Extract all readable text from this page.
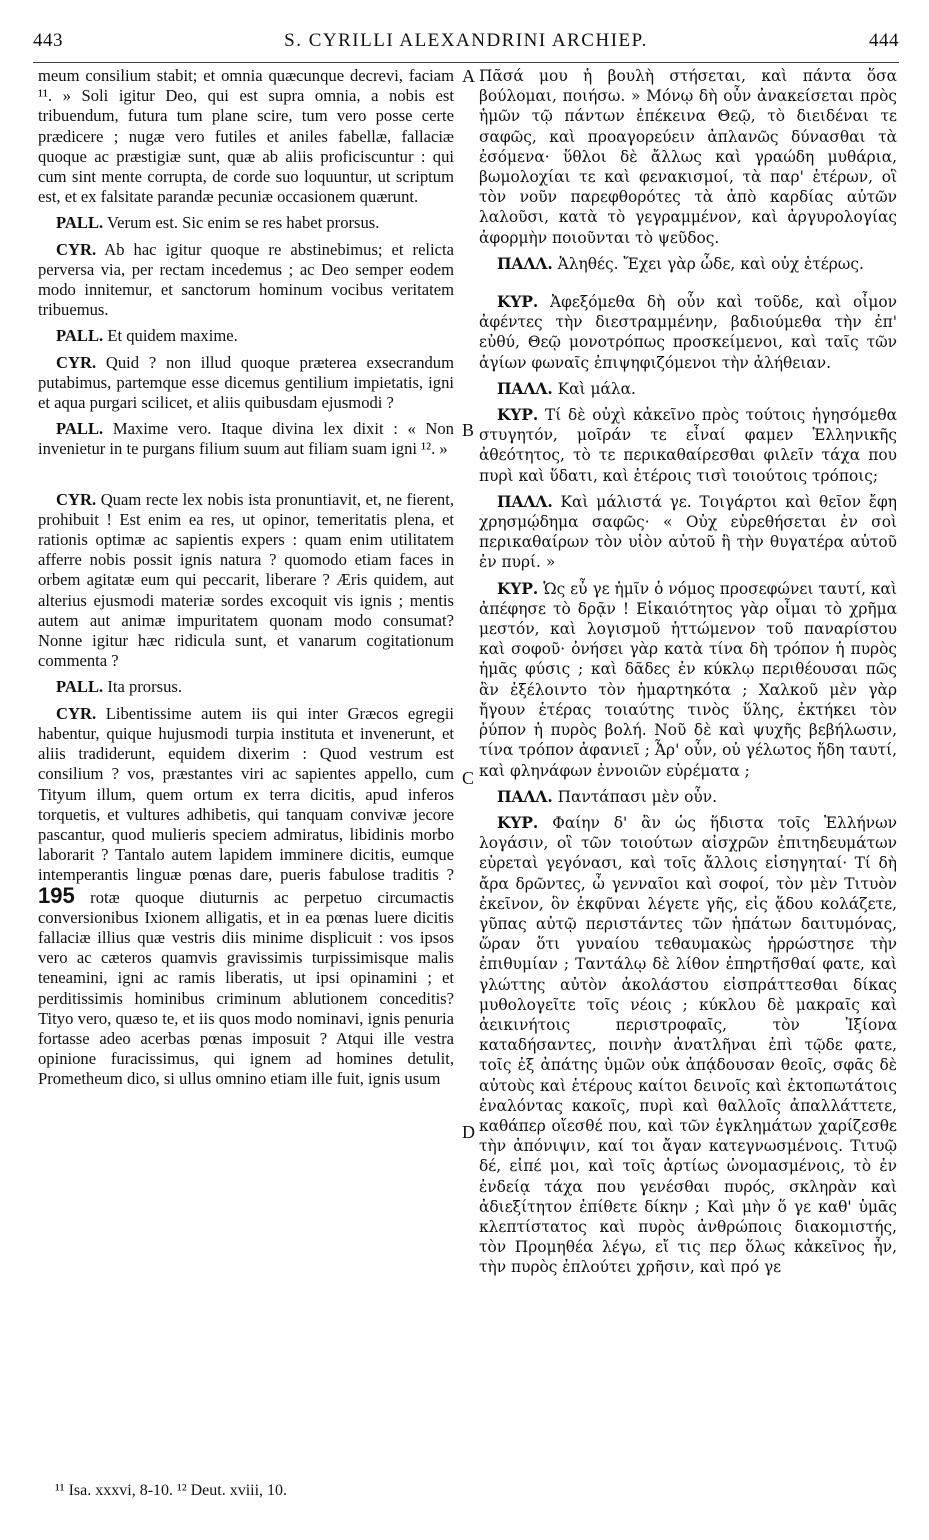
443	S. CYRILLI ALEXANDRINI ARCHIEP.	444
A
B
C
D

meum consilium stabit; et omnia quæcunque decrevi, faciam ¹¹. » Soli igitur Deo, qui est supra omnia, a nobis est tribuendum, futura tum plane scire, tum vero posse certe prædicere ; nugæ vero futiles et aniles fabellæ, fallaciæ quoque ac præstigiæ sunt, quæ ab aliis proficiscuntur : qui cum sint mente corrupta, de corde suo loquuntur, ut scriptum est, et ex falsitate parandæ pecuniæ occasionem quærunt.

PALL. Verum est. Sic enim se res habet prorsus.

CYR. Ab hac igitur quoque re abstinebimus; et relicta perversa via, per rectam incedemus ; ac Deo semper eodem modo innitemur, et sanctorum hominum vocibus veritatem tribuemus.

PALL. Et quidem maxime.

CYR. Quid ? non illud quoque præterea exsecrandum putabimus, partemque esse dicemus gentilium impietatis, igni et aqua purgari scilicet, et aliis quibusdam ejusmodi ?

PALL. Maxime vero. Itaque divina lex dixit : « Non invenietur in te purgans filium suum aut filiam suam igni ¹². »

CYR. Quam recte lex nobis ista pronuntiavit, et, ne fierent, prohibuit ! Est enim ea res, ut opinor, temeritatis plena, et rationis optimæ ac sapientis expers : quam enim utilitatem afferre nobis possit ignis natura ? quomodo etiam faces in orbem agitatæ eum qui peccarit, liberare ? Æris quidem, aut alterius ejusmodi materiæ sordes excoquit vis ignis ; mentis autem aut animæ impuritatem quonam modo consumat? Nonne igitur hæc ridicula sunt, et vanarum cogitationum commenta ?

PALL. Ita prorsus.

CYR. Libentissime autem iis qui inter Græcos egregii habentur, quique hujusmodi turpia instituta et invenerunt, et aliis tradiderunt, equidem dixerim : Quod vestrum est consilium ? vos, præstantes viri ac sapientes appello, cum Tityum illum, quem ortum ex terra dicitis, apud inferos torquetis, et vultures adhibetis, qui tanquam convivæ jecore pascantur, quod mulieris speciem admiratus, libidinis morbo laborarit ? Tantalo autem lapidem imminere dicitis, eumque intemperantis linguæ pœnas dare, pueris fabulose traditis ? 195 rotæ quoque diuturnis ac perpetuo circumactis conversionibus Ixionem alligatis, et in ea pœnas luere dicitis fallaciæ illius quæ vestris diis minime displicuit : vos ipsos vero ac cæteros quamvis gravissimis turpissimisque malis teneamini, igni ac ramis liberatis, ut ipsi opinamini ; et perditissimis hominibus criminum ablutionem conceditis? Tityo vero, quæso te, et iis quos modo nominavi, ignis penuria fortasse adeo acerbas pœnas imposuit ? Atqui ille vestra opinione furacissimus, qui ignem ad homines detulit, Prometheum dico, si ullus omnino etiam ille fuit, ignis usum

Πᾶσά μου ἡ βουλὴ στήσεται, καὶ πάντα ὅσα βούλομαι, ποιήσω. » Μόνῳ δὴ οὖν ἀνακείσεται πρὸς ἡμῶν τῷ πάντων ἐπέκεινα Θεῷ, τὸ διειδέναι τε σαφῶς, καὶ προαγορεύειν ἀπλανῶς δύνασθαι τὰ ἐσόμενα· ὕθλοι δὲ ἄλλως καὶ γραώδη μυθάρια, βωμολοχίαι τε καὶ φενακισμοί, τὰ παρ' ἑτέρων, οἳ τὸν νοῦν παρεφθορότες τὰ ἀπὸ καρδίας αὐτῶν λαλοῦσι, κατὰ τὸ γεγραμμένον, καὶ ἀργυρολογίας ἀφορμὴν ποιοῦνται τὸ ψεῦδος.

ΠΑΛΛ. Ἀληθές. Ἔχει γὰρ ὧδε, καὶ οὐχ ἑτέρως.

ΚΥΡ. Ἀφεξόμεθα δὴ οὖν καὶ τοῦδε, καὶ οἶμον ἀφέντες τὴν διεστραμμένην, βαδιούμεθα τὴν ἐπ' εὐθύ, Θεῷ μονοτρόπως προσκείμενοι, καὶ ταῖς τῶν ἁγίων φωναῖς ἐπιψηφιζόμενοι τὴν ἀλήθειαν.

ΠΑΛΛ. Καὶ μάλα.

ΚΥΡ. Τί δὲ οὐχὶ κἀκεῖνο πρὸς τούτοις ἡγησόμεθα στυγητόν, μοῖράν τε εἶναί φαμεν Ἑλληνικῆς ἀθεότητος, τὸ τε περικαθαίρεσθαι φιλεῖν τάχα που πυρὶ καὶ ὕδατι, καὶ ἑτέροις τισὶ τοιούτοις τρόποις;

ΠΑΛΛ. Καὶ μάλιστά γε. Τοιγάρτοι καὶ θεῖον ἔφη χρησμῴδημα σαφῶς· « Οὐχ εὑρεθήσεται ἐν σοὶ περικαθαίρων τὸν υἱὸν αὐτοῦ ἢ τὴν θυγατέρα αὐτοῦ ἐν πυρί. »

ΚΥΡ. Ὡς εὖ γε ἡμῖν ὁ νόμος προσεφώνει ταυτί, καὶ ἀπέφησε τὸ δρᾷν ! Εἰκαιότητος γὰρ οἶμαι τὸ χρῆμα μεστόν, καὶ λογισμοῦ ἡττώμενον τοῦ παναρίστου καὶ σοφοῦ· ὀνήσει γὰρ κατὰ τίνα δὴ τρόπον ἡ πυρὸς ἡμᾶς φύσις ; καὶ δᾶδες ἐν κύκλῳ περιθέουσαι πῶς ἂν ἐξέλοιντο τὸν ἡμαρτηκότα ; Χαλκοῦ μὲν γὰρ ἤγουν ἑτέρας τοιαύτης τινὸς ὕλης, ἐκτήκει τὸν ῥύπον ἡ πυρὸς βολή. Νοῦ δὲ καὶ ψυχῆς βεβήλωσιν, τίνα τρόπον ἀφανιεῖ ; Ἆρ' οὖν, οὐ γέλωτος ἤδη ταυτί, καὶ φληνάφων ἐννοιῶν εὑρέματα ;

ΠΑΛΛ. Παντάπασι μὲν οὖν.

ΚΥΡ. Φαίην δ' ἂν ὡς ἥδιστα τοῖς Ἑλλήνων λογάσιν, οἳ τῶν τοιούτων αἰσχρῶν ἐπιτηδευμάτων εὑρεταὶ γεγόνασι, καὶ τοῖς ἄλλοις εἰσηγηταί· Τί δὴ ἄρα δρῶντες, ὦ γενναῖοι καὶ σοφοί, τὸν μὲν Τιτυὸν ἐκεῖνον, ὃν ἐκφῦναι λέγετε γῆς, εἰς ᾅδου κολάζετε, γῦπας αὐτῷ περιστάντες τῶν ἡπάτων δαιτυμόνας, ὥραν ὅτι γυναίου τεθαυμακὼς ἠρρώστησε τὴν ἐπιθυμίαν ; Ταντάλῳ δὲ λίθον ἐπηρτῆσθαί φατε, καὶ γλώττης αὐτὸν ἀκολάστου εἰσπράττεσθαι δίκας μυθολογεῖτε τοῖς νέοις ; κύκλου δὲ μακραῖς καὶ ἀεικινήτοις περιστροφαῖς, τὸν Ἰξίονα καταδήσαντες, ποινὴν ἀνατλῆναι ἐπὶ τῷδε φατε, τοῖς ἐξ ἀπάτης ὑμῶν οὐκ ἀπᾴδουσαν θεοῖς, σφᾶς δὲ αὐτοὺς καὶ ἑτέρους καίτοι δεινοῖς καὶ ἐκτοπωτάτοις ἐναλόντας κακοῖς, πυρὶ καὶ θαλλοῖς ἀπαλλάττετε, καθάπερ οἴεσθέ που, καὶ τῶν ἐγκλημάτων χαρίζεσθε τὴν ἀπόνιψιν, καί τοι ἄγαν κατεγνωσμένοις. Τιτυῷ δέ, εἰπέ μοι, καὶ τοῖς ἀρτίως ὠνομασμένοις, τὸ ἐν ἐνδείᾳ τάχα που γενέσθαι πυρός, σκληρὰν καὶ ἀδιεξίτητον ἐπίθετε δίκην ; Καὶ μὴν ὅ γε καθ' ὑμᾶς κλεπτίστατος καὶ πυρὸς ἀνθρώποις διακομιστής, τὸν Προμηθέα λέγω, εἴ τις περ ὅλως κἀκεῖνος ἦν, τὴν πυρὸς ἐπλούτει χρῆσιν, καὶ πρό γε

¹¹ Isa. xxxvi, 8-10. ¹² Deut. xviii, 10.
